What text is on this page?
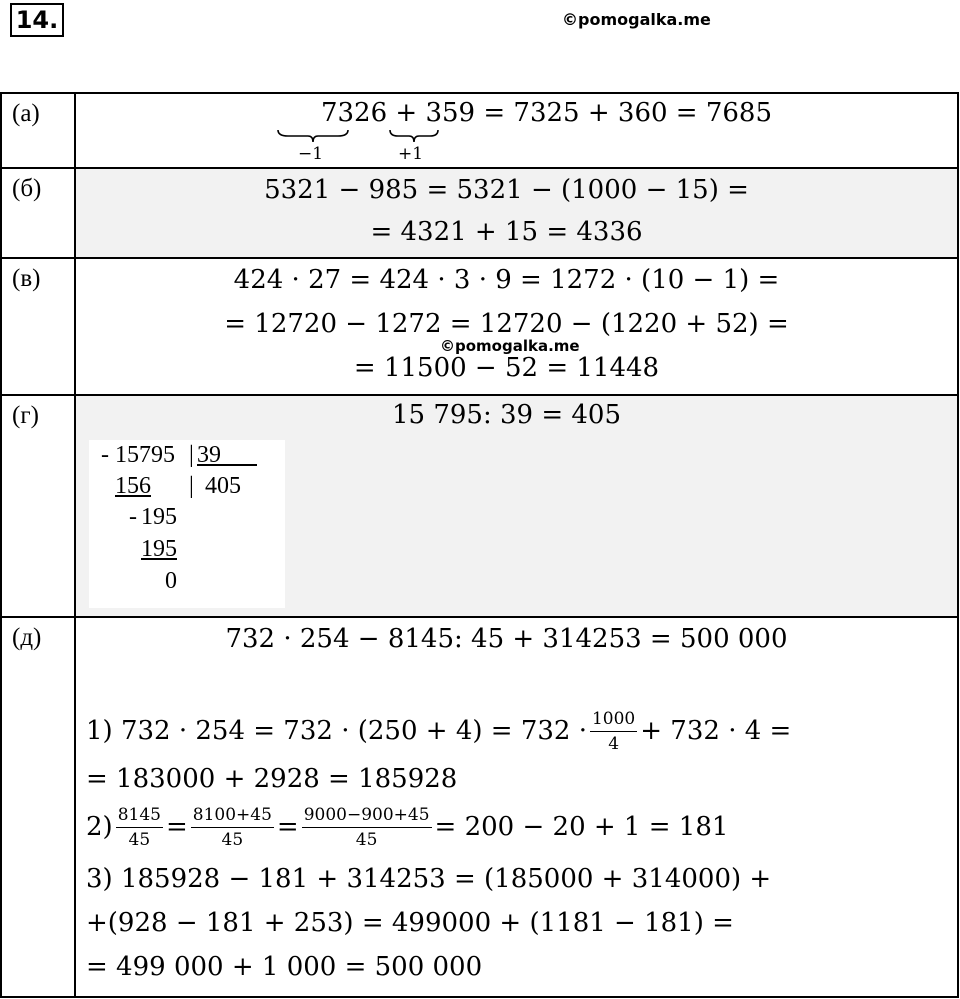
14.	©pomogalka.me
(а)	7326 + 359 = 7325 + 360 = 7685
−1	+1
(б)	5321 − 985 = 5321 − (1000 − 15) =
= 4321 + 15 = 4336
(в)	424 · 27 = 424 · 3 · 9 = 1272 · (10 − 1) =
= 12720 − 1272 = 12720 − (1220 + 52) =
= 11500 − 52 = 11448
(г)	15 795: 39 = 405
- 15795 | 39
156 | 405
- 195
195
0
(д)	732 · 254 − 8145: 45 + 314253 = 500 000
1) $732 \cdot 254 = 732 \cdot (250 + 4) = 732 \cdot \frac{1000}{4} + 732 \cdot 4$ =
= 183000 + 2928 = 185928
$2) \frac{8145}{45} = \frac{8100+45}{45} = \frac{9000-900+45}{45} = 200 - 20 + 1 = 181$
3) 185928 − 181 + 314253 = (185000 + 314000) +
+(928 − 181 + 253) = 499000 + (1181 − 181) =
= 499 000 + 1 000 = 500 000
©pomogalka.me
